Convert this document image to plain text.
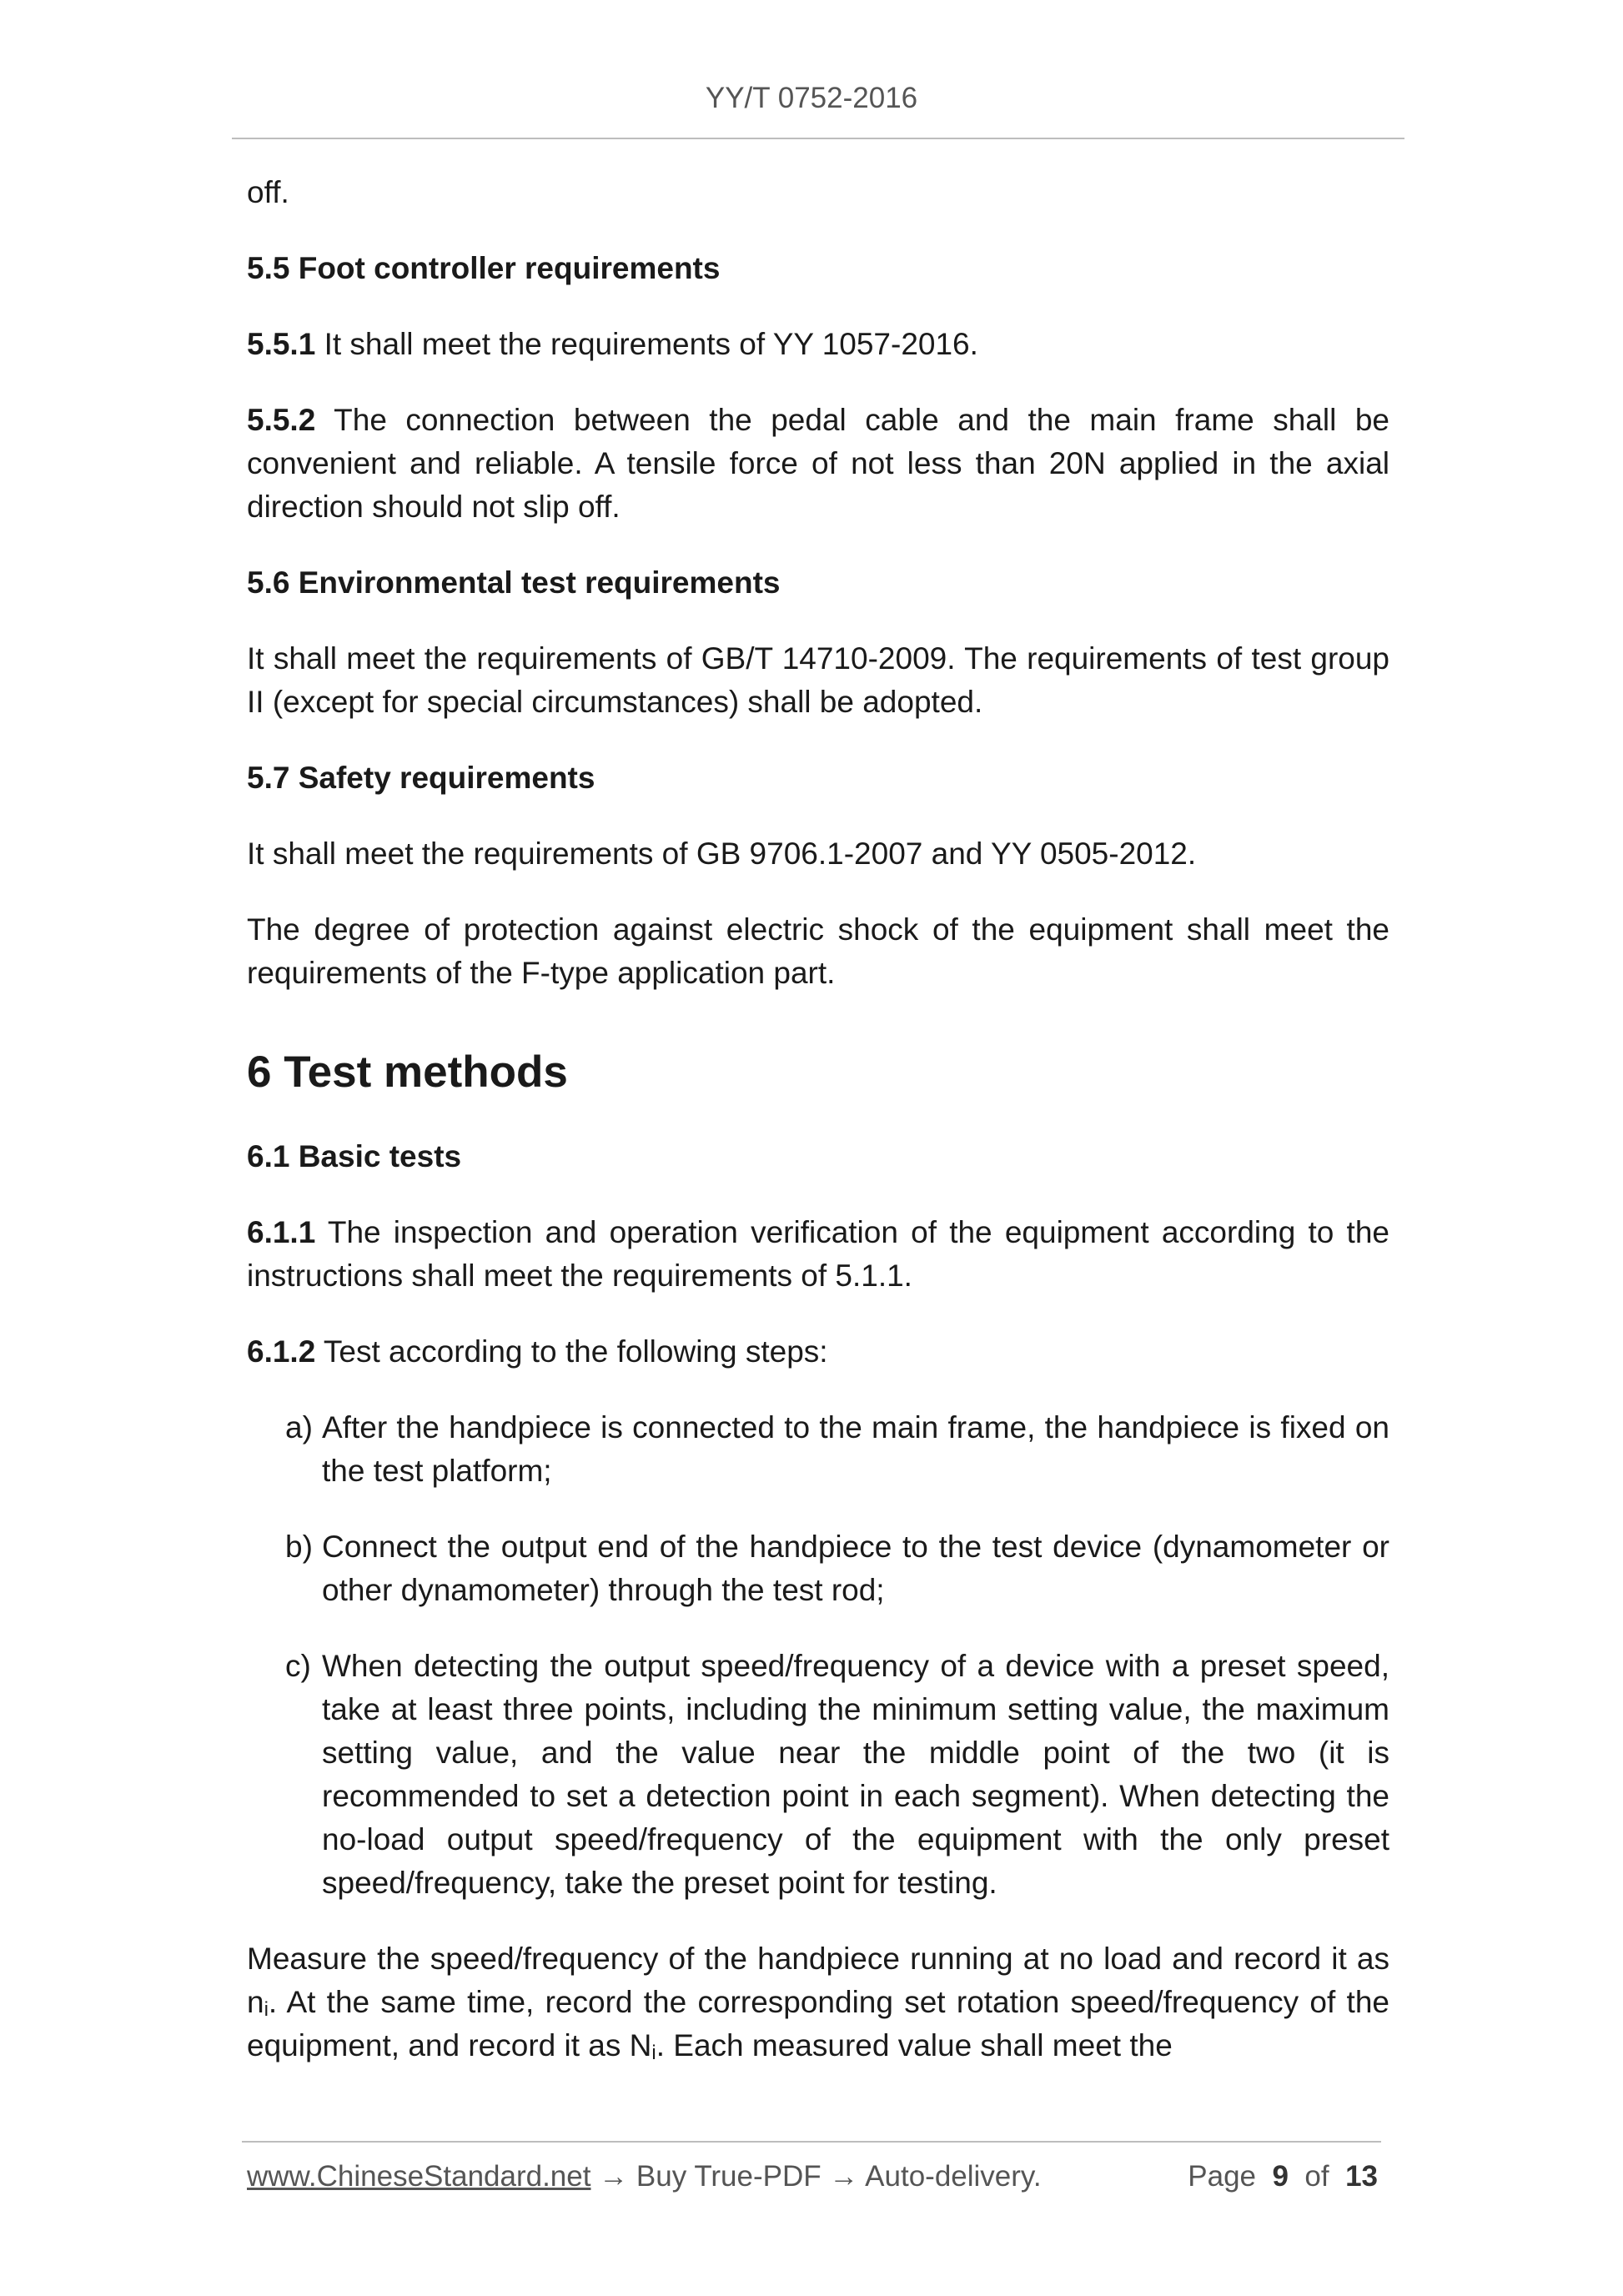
YY/T 0752-2016

off.

5.5 Foot controller requirements

5.5.1 It shall meet the requirements of YY 1057-2016.

5.5.2 The connection between the pedal cable and the main frame shall be convenient and reliable. A tensile force of not less than 20N applied in the axial direction should not slip off.

5.6 Environmental test requirements

It shall meet the requirements of GB/T 14710-2009. The requirements of test group II (except for special circumstances) shall be adopted.

5.7 Safety requirements

It shall meet the requirements of GB 9706.1-2007 and YY 0505-2012.

The degree of protection against electric shock of the equipment shall meet the requirements of the F-type application part.

6 Test methods

6.1 Basic tests

6.1.1 The inspection and operation verification of the equipment according to the instructions shall meet the requirements of 5.1.1.

6.1.2 Test according to the following steps:

a) After the handpiece is connected to the main frame, the handpiece is fixed on the test platform;
b) Connect the output end of the handpiece to the test device (dynamometer or other dynamometer) through the test rod;
c) When detecting the output speed/frequency of a device with a preset speed, take at least three points, including the minimum setting value, the maximum setting value, and the value near the middle point of the two (it is recommended to set a detection point in each segment). When detecting the no-load output speed/frequency of the equipment with the only preset speed/frequency, take the preset point for testing.

Measure the speed/frequency of the handpiece running at no load and record it as $n_i$. At the same time, record the corresponding set rotation speed/frequency of the equipment, and record it as $N_i$. Each measured value shall meet the

www.ChineseStandard.net → Buy True-PDF → Auto-delivery.	Page 9 of 13
